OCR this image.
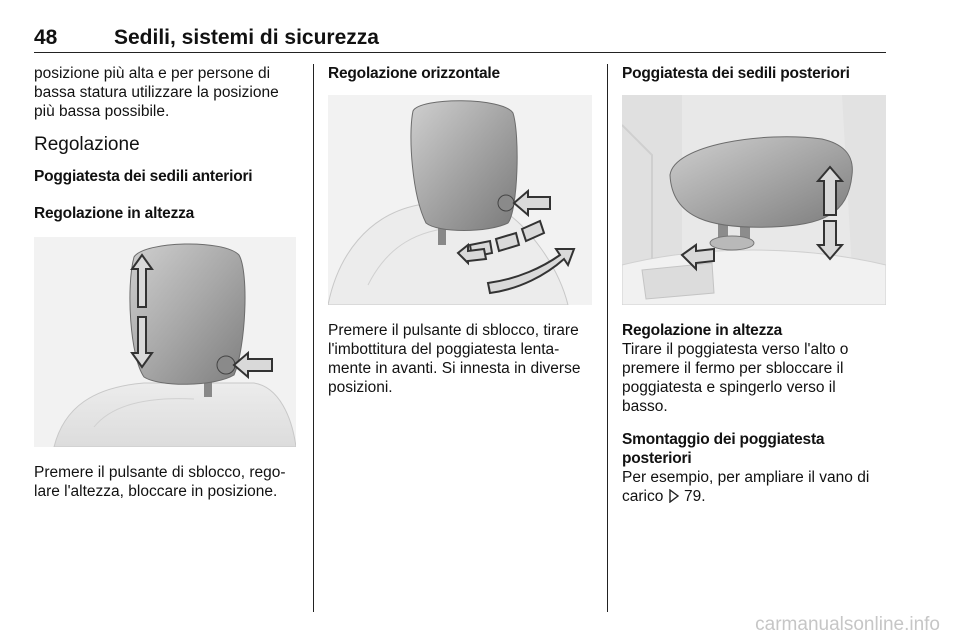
48	Sedili, sistemi di sicurezza

posizione più alta e per persone di

bassa statura utilizzare la posizione

più bassa possibile.

Regolazione

Poggiatesta dei sedili anteriori

Regolazione in altezza

Premere il pulsante di sblocco, rego-

lare l'altezza, bloccare in posizione.

Regolazione orizzontale

Premere il pulsante di sblocco, tirare

l'imbottitura del poggiatesta lenta-

mente in avanti. Si innesta in diverse

posizioni.

Poggiatesta dei sedili posteriori

Regolazione in altezza

Tirare il poggiatesta verso l'alto o

premere il fermo per sbloccare il

poggiatesta e spingerlo verso il

basso.

Smontaggio dei poggiatesta

posteriori

Per esempio, per ampliare il vano di

carico 79.

carmanualsonline.info
